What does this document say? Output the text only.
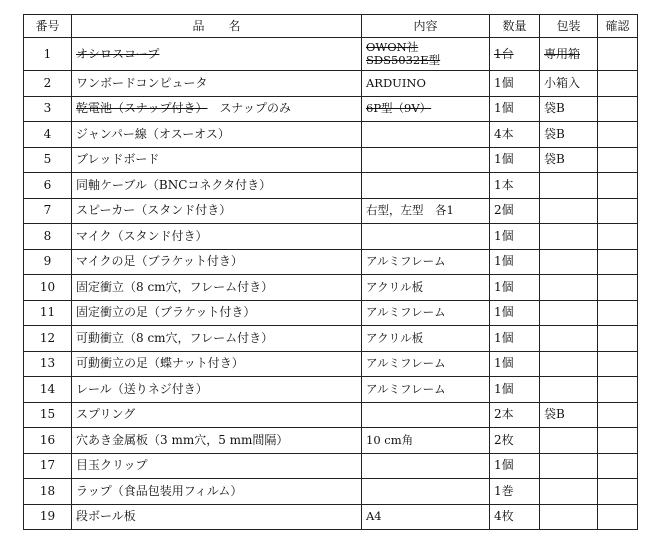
番号	品　　名	内容	数量	包装	確認
1	オシロスコープ	OWON社
SDS5032E型	1台	専用箱	
2	ワンボードコンピュータ	ARDUINO	1個	小箱入	
3	乾電池（スナップ付き） スナップのみ	6P型（9V）	1個	袋B	
4	ジャンパー線（オスーオス）		4本	袋B	
5	ブレッドボード		1個	袋B	
6	同軸ケーブル（BNCコネクタ付き）		1本		
7	スピーカー（スタンド付き）	右型，左型　各1	2個		
8	マイク（スタンド付き）		1個		
9	マイクの足（ブラケット付き）	アルミフレーム	1個		
10	固定衝立（8 cm穴，フレーム付き）	アクリル板	1個		
11	固定衝立の足（ブラケット付き）	アルミフレーム	1個		
12	可動衝立（8 cm穴，フレーム付き）	アクリル板	1個		
13	可動衝立の足（蝶ナット付き）	アルミフレーム	1個		
14	レール（送りネジ付き）	アルミフレーム	1個		
15	スプリング		2本	袋B	
16	穴あき金属板（3 mm穴，5 mm間隔）	10 cm角	2枚		
17	目玉クリップ		1個		
18	ラップ（食品包装用フィルム）		1巻		
19	段ボール板	A4	4枚		
